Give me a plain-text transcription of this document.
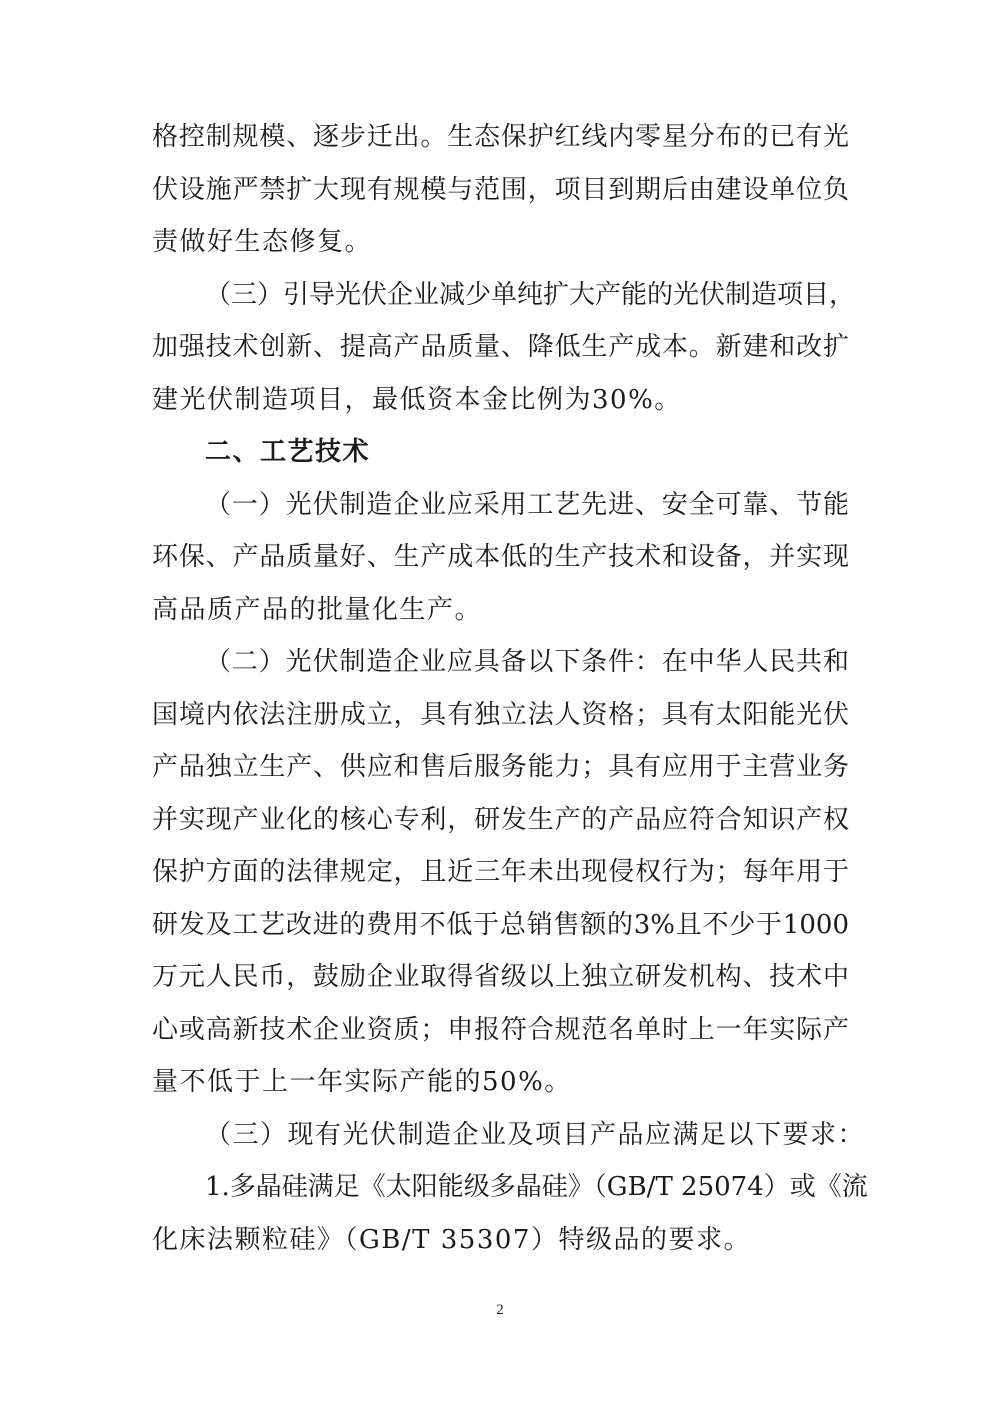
格控制规模、逐步迁出。生态保护红线内零星分布的已有光
伏设施严禁扩大现有规模与范围，项目到期后由建设单位负
责做好生态修复。
（三）引导光伏企业减少单纯扩大产能的光伏制造项目，
加强技术创新、提高产品质量、降低生产成本。新建和改扩
建光伏制造项目，最低资本金比例为30%。
二、工艺技术
（一）光伏制造企业应采用工艺先进、安全可靠、节能
环保、产品质量好、生产成本低的生产技术和设备，并实现
高品质产品的批量化生产。
（二）光伏制造企业应具备以下条件：在中华人民共和
国境内依法注册成立，具有独立法人资格；具有太阳能光伏
产品独立生产、供应和售后服务能力；具有应用于主营业务
并实现产业化的核心专利，研发生产的产品应符合知识产权
保护方面的法律规定，且近三年未出现侵权行为；每年用于
研发及工艺改进的费用不低于总销售额的3%且不少于1000
万元人民币，鼓励企业取得省级以上独立研发机构、技术中
心或高新技术企业资质；申报符合规范名单时上一年实际产
量不低于上一年实际产能的50%。
（三）现有光伏制造企业及项目产品应满足以下要求：
1.多晶硅满足《太阳能级多晶硅》（GB/T 25074）或《流
化床法颗粒硅》（GB/T 35307）特级品的要求。
2
